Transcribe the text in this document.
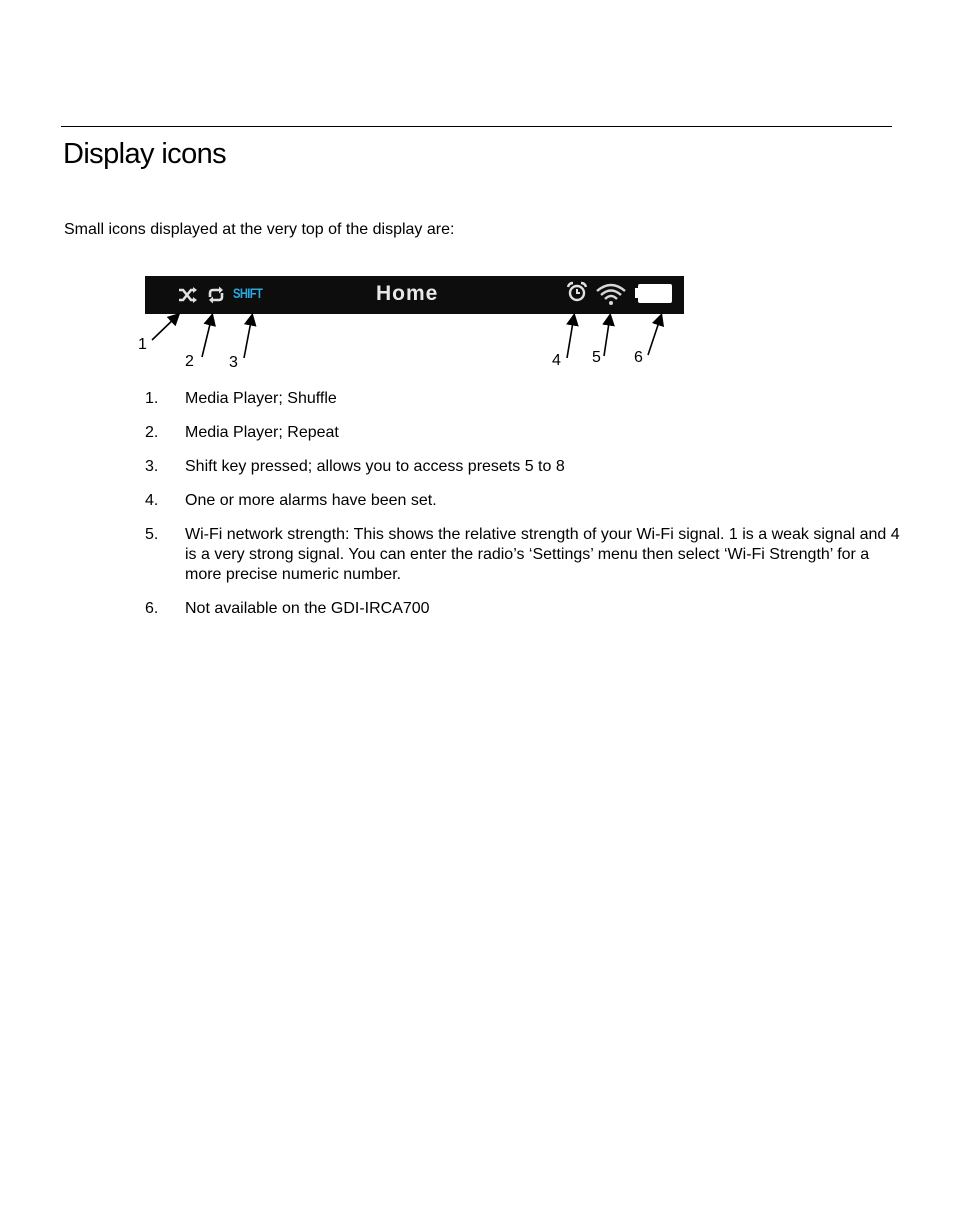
Display icons
Small icons displayed at the very top of the display are:
SHIFT	Home
1
2 3	4 5 6
1. Media Player; Shuffle
2. Media Player; Repeat
3. Shift key pressed; allows you to access presets 5 to 8
4. One or more alarms have been set.
5. Wi-Fi network strength: This shows the relative strength of your Wi-Fi signal. 1 is a weak signal and 4 is a very strong signal. You can enter the radio’s ‘Settings’ menu then select ‘Wi-Fi Strength’ for a more precise numeric number.
6. Not available on the GDI-IRCA700
